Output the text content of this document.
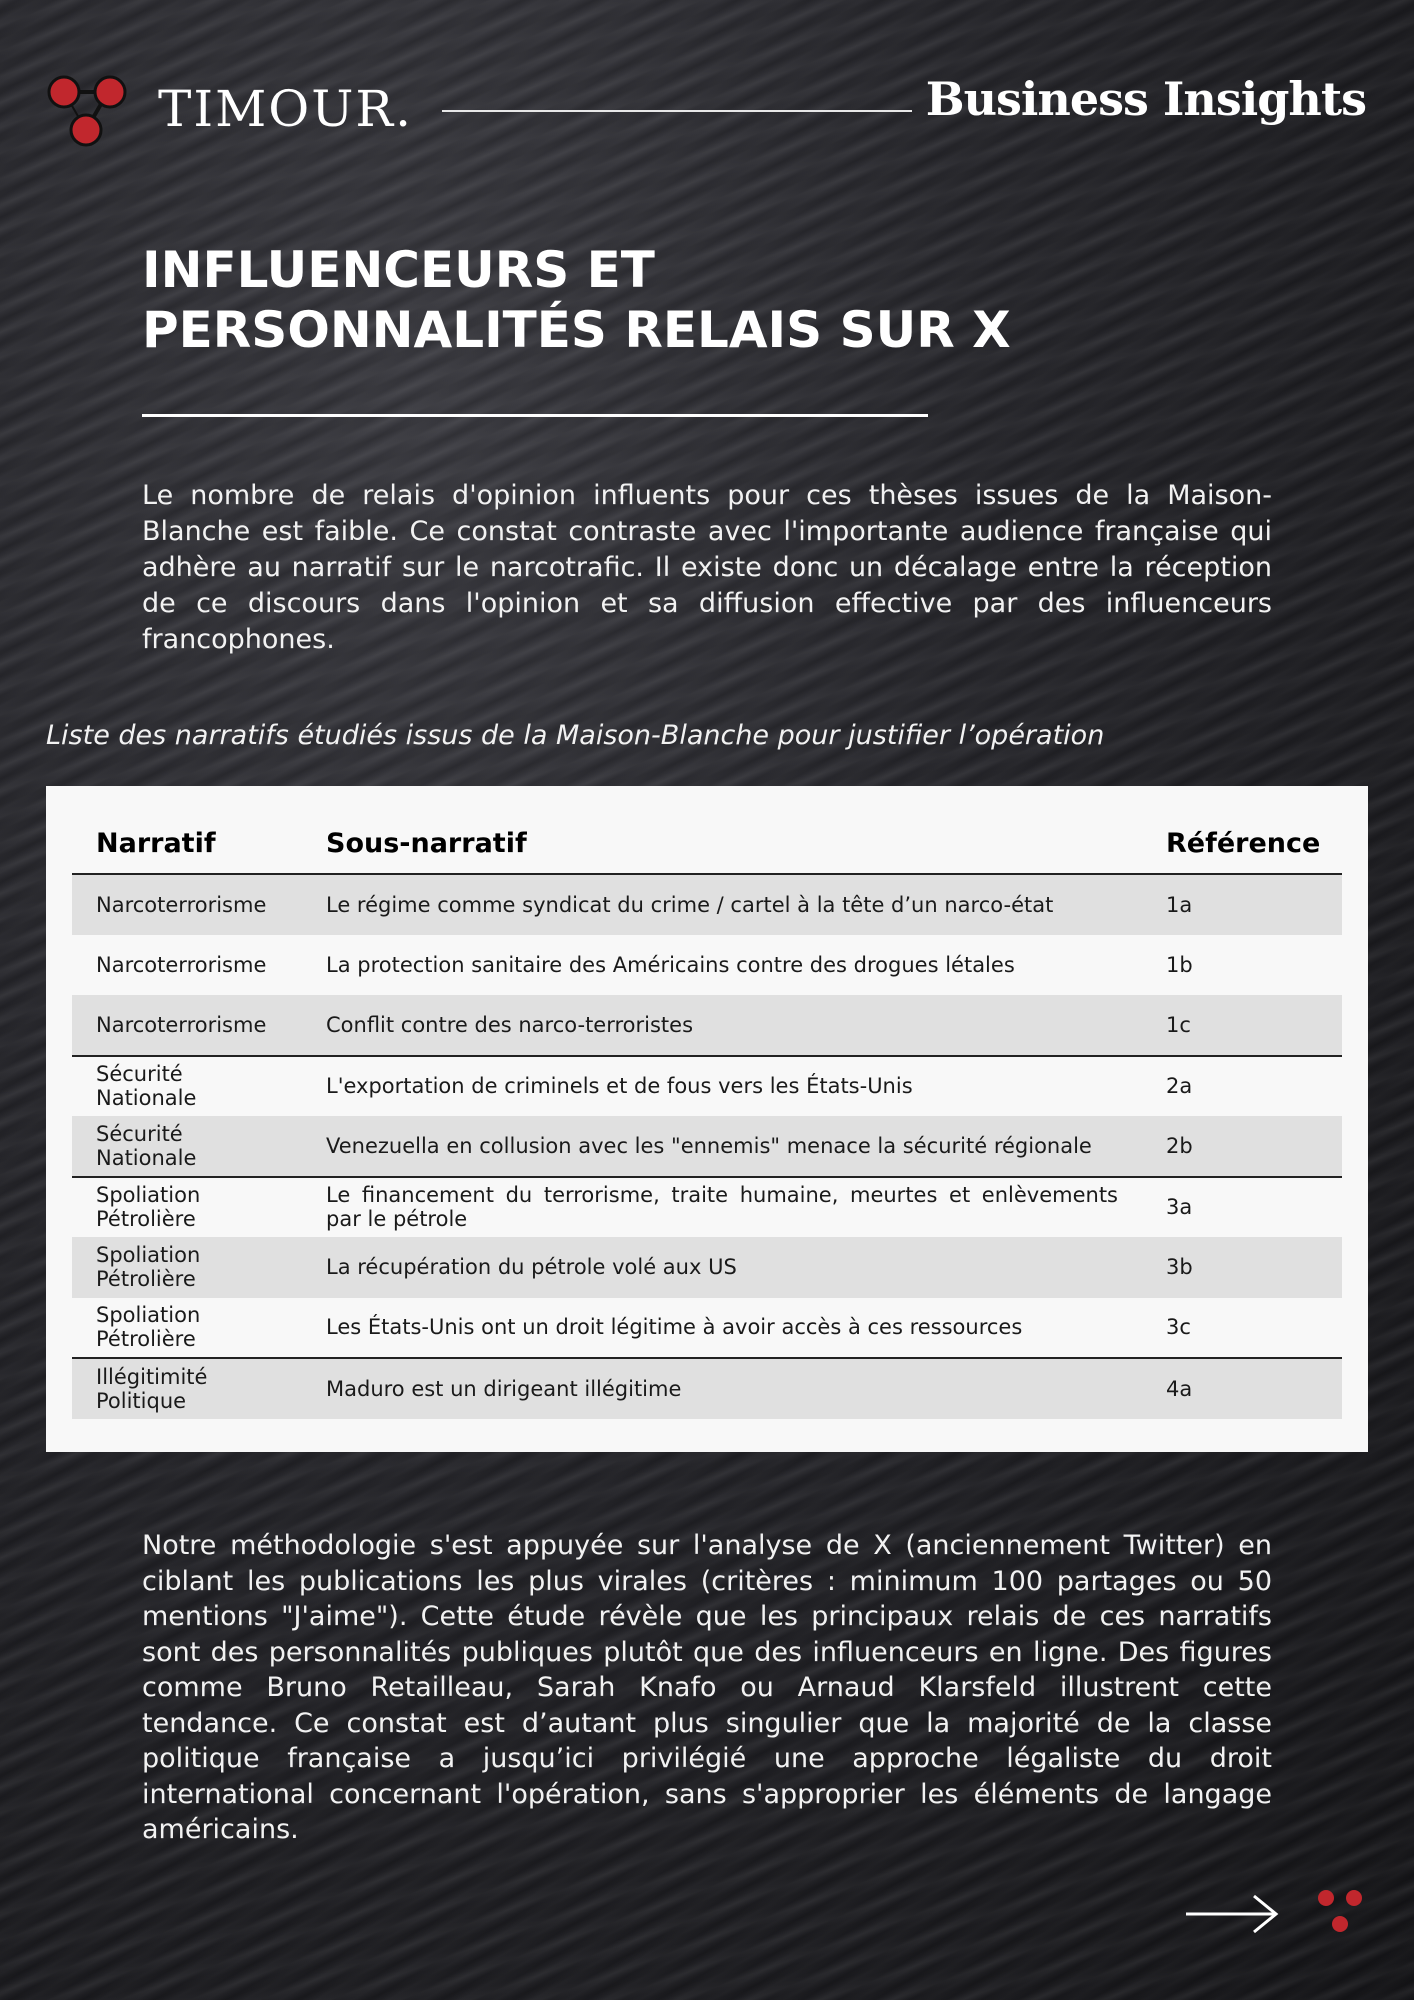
TIMOUR.	Business Insights
INFLUENCEURS ET
PERSONNALITÉS RELAIS SUR X

Le nombre de relais d'opinion influents pour ces thèses issues de la Maison-Blanche est faible. Ce constat contraste avec l'importante audience française qui adhère au narratif sur le narcotrafic. Il existe donc un décalage entre la réception de ce discours dans l'opinion et sa diffusion effective par des influenceurs francophones.

Liste des narratifs étudiés issus de la Maison-Blanche pour justifier l’opération
Narratif	Sous-narratif	Référence
Narcoterrorisme	Le régime comme syndicat du crime / cartel à la tête d’un narco-état	1a
Narcoterrorisme	La protection sanitaire des Américains contre des drogues létales	1b
Narcoterrorisme	Conflit contre des narco-terroristes	1c
Sécurité Nationale	L'exportation de criminels et de fous vers les États-Unis	2a
Sécurité Nationale	Venezuella en collusion avec les "ennemis" menace la sécurité régionale	2b
Spoliation Pétrolière	Le financement du terrorisme, traite humaine, meurtes et enlèvements par le pétrole	3a
Spoliation Pétrolière	La récupération du pétrole volé aux US	3b
Spoliation Pétrolière	Les États-Unis ont un droit légitime à avoir accès à ces ressources	3c
Illégitimité Politique	Maduro est un dirigeant illégitime	4a

Notre méthodologie s'est appuyée sur l'analyse de X (anciennement Twitter) en ciblant les publications les plus virales (critères : minimum 100 partages ou 50 mentions "J'aime"). Cette étude révèle que les principaux relais de ces narratifs sont des personnalités publiques plutôt que des influenceurs en ligne. Des figures comme Bruno Retailleau, Sarah Knafo ou Arnaud Klarsfeld illustrent cette tendance. Ce constat est d’autant plus singulier que la majorité de la classe politique française a jusqu’ici privilégié une approche légaliste du droit international concernant l'opération, sans s'approprier les éléments de langage américains.
